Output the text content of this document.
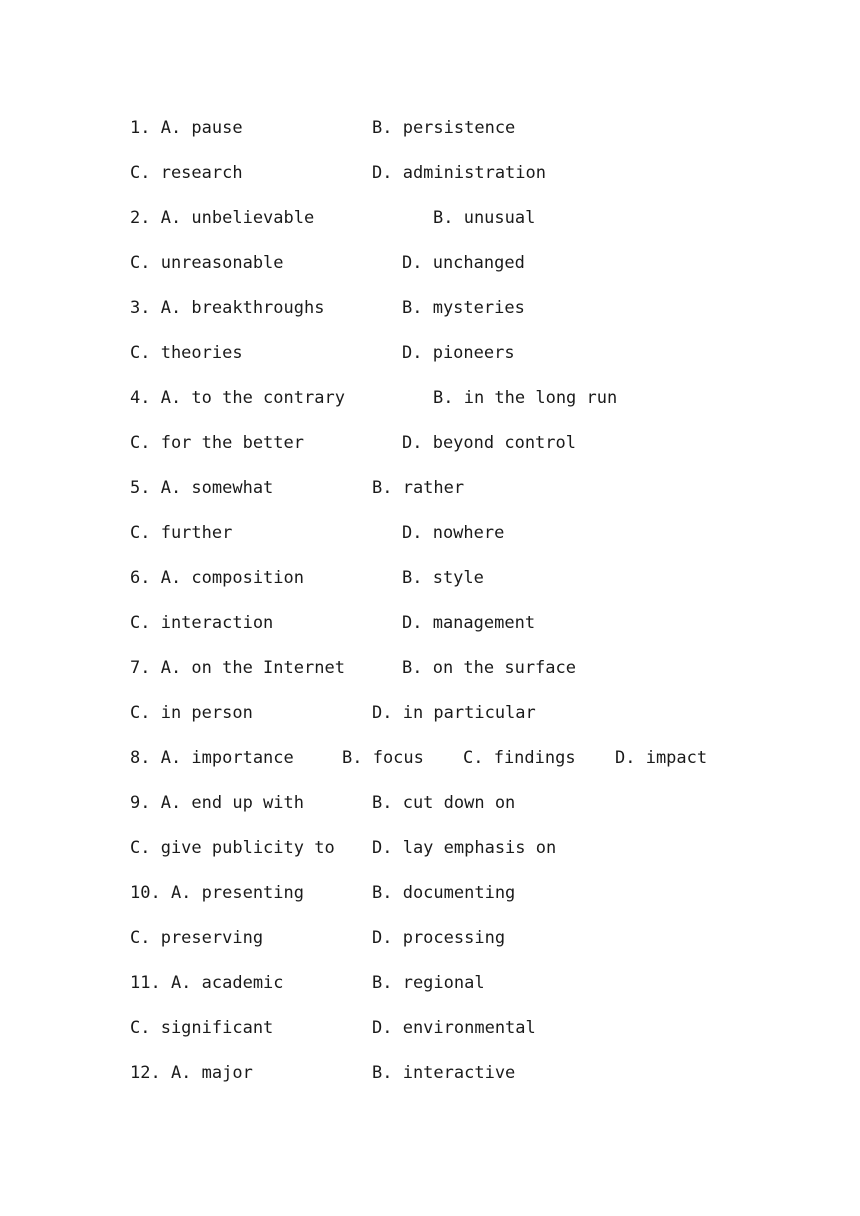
1. A. pause	B. persistence
C. research	D. administration
2. A. unbelievable	B. unusual
C. unreasonable	D. unchanged
3. A. breakthroughs	B. mysteries
C. theories	D. pioneers
4. A. to the contrary	B. in the long run
C. for the better	D. beyond control
5. A. somewhat	B. rather
C. further	D. nowhere
6. A. composition	B. style
C. interaction	D. management
7. A. on the Internet	B. on the surface
C. in person	D. in particular
8. A. importance	B. focus C. findings D. impact
9. A. end up with	B. cut down on
C. give publicity to D. lay emphasis on
10. A. presenting	B. documenting
C. preserving	D. processing
11. A. academic	B. regional
C. significant	D. environmental
12. A. major	B. interactive
